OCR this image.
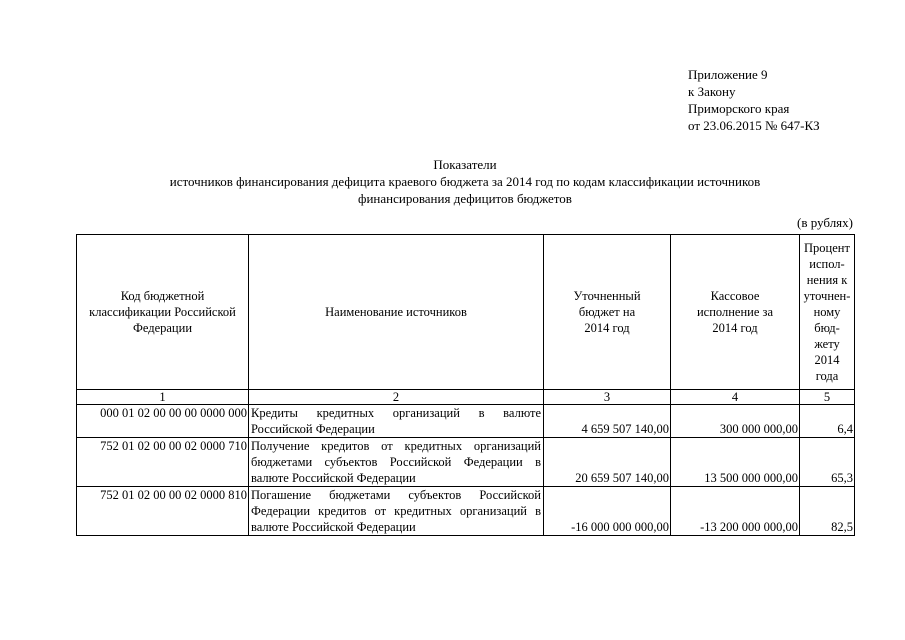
Приложение 9
к Закону
Приморского края
от 23.06.2015 № 647-КЗ
Показатели
источников финансирования дефицита краевого бюджета за 2014 год по кодам классификации источников
финансирования дефицитов бюджетов
(в рублях)
Код бюджетной классификации Российской Федерации	Наименование источников	Уточненный бюджет на 2014 год	Кассовое исполнение за 2014 год	Процент испол-нения к уточнен-ному бюд-жету 2014 года
1	2	3	4	5
000 01 02 00 00 00 0000 000	Кредиты кредитных организаций в валюте Российской Федерации	4 659 507 140,00	300 000 000,00	6,4
752 01 02 00 00 02 0000 710	Получение кредитов от кредитных организаций бюджетами субъектов Российской Федерации в валюте Российской Федерации	20 659 507 140,00	13 500 000 000,00	65,3
752 01 02 00 00 02 0000 810	Погашение бюджетами субъектов Российской Федерации кредитов от кредитных организаций в валюте Российской Федерации	-16 000 000 000,00	-13 200 000 000,00	82,5
